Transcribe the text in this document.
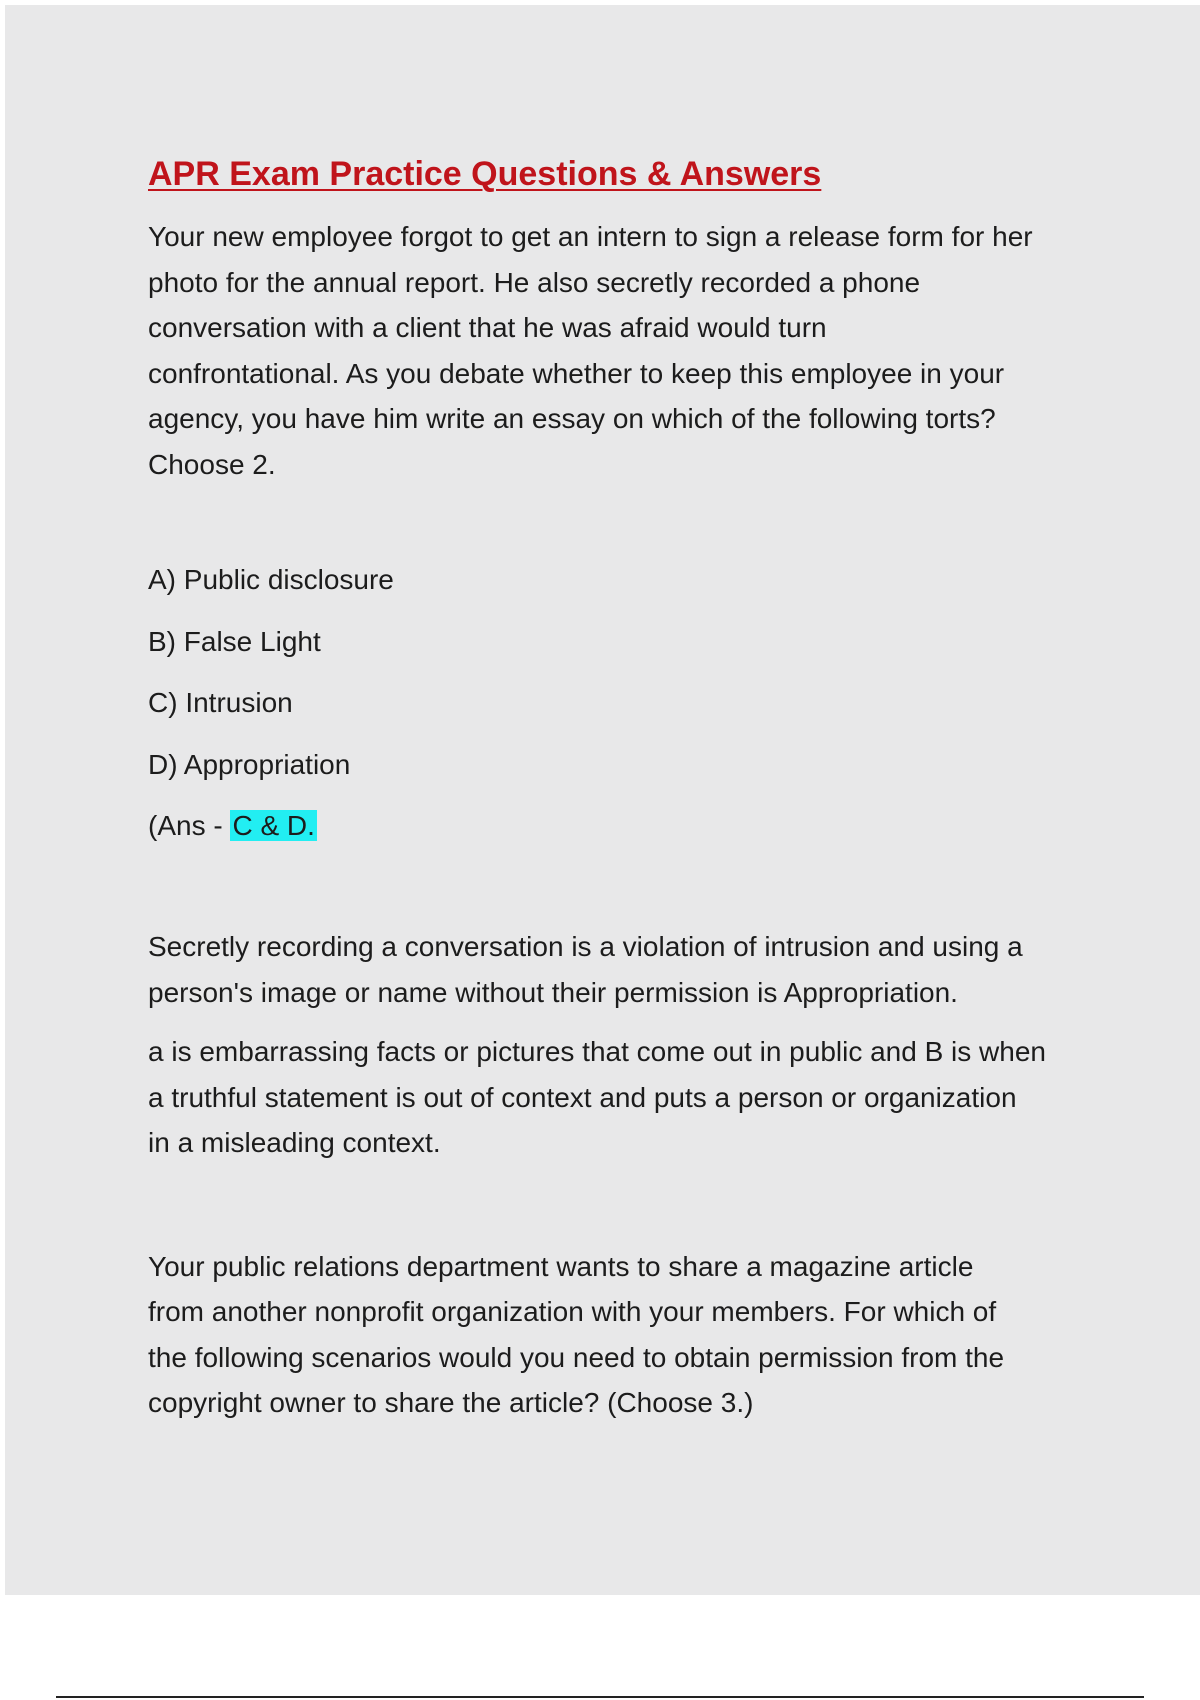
APR Exam Practice Questions & Answers

Your new employee forgot to get an intern to sign a release form for her
photo for the annual report. He also secretly recorded a phone
conversation with a client that he was afraid would turn
confrontational. As you debate whether to keep this employee in your
agency, you have him write an essay on which of the following torts?
Choose 2.

A) Public disclosure
B) False Light
C) Intrusion
D) Appropriation
(Ans - C & D.

Secretly recording a conversation is a violation of intrusion and using a
person's image or name without their permission is Appropriation.

a is embarrassing facts or pictures that come out in public and B is when
a truthful statement is out of context and puts a person or organization
in a misleading context.

Your public relations department wants to share a magazine article
from another nonprofit organization with your members. For which of
the following scenarios would you need to obtain permission from the
copyright owner to share the article? (Choose 3.)
